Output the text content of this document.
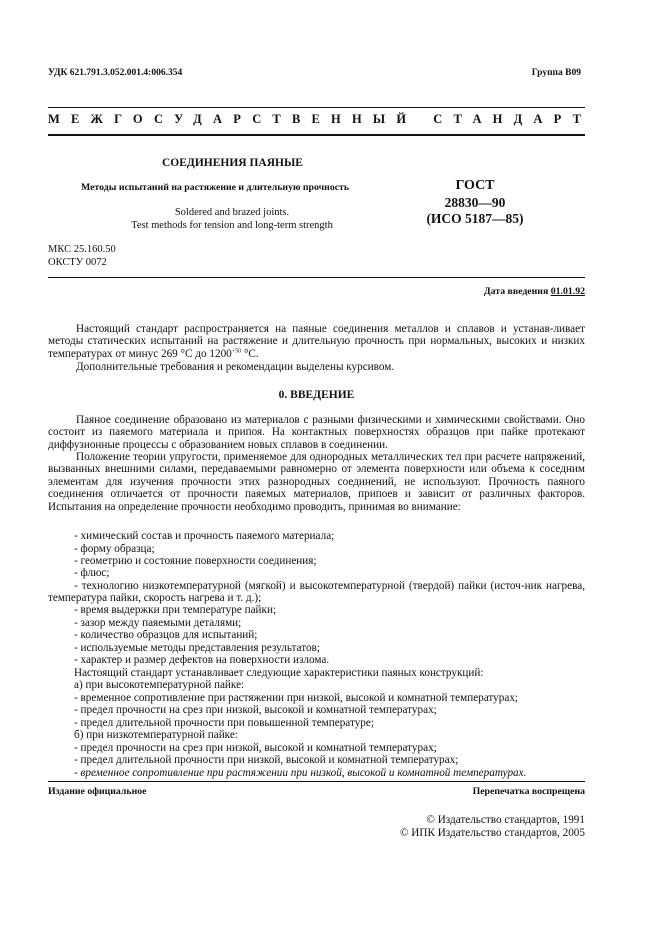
УДК 621.791.3.052.001.4:006.354	Группа В09
МЕЖГОСУДАРСТВЕННЫЙ СТАНДАРТ
СОЕДИНЕНИЯ ПАЯНЫЕ
Методы испытаний на растяжение и длительную прочность
Soldered and brazed joints.
Test methods for tension and long-term strength
ГОСТ
28830—90
(ИСО 5187—85)
МКС 25.160.50
ОКСТУ 0072
Дата введения 01.01.92
Настоящий стандарт распространяется на паяные соединения металлов и сплавов и устанав-ливает методы статических испытаний на растяжение и длительную прочность при нормальных, высоких и низких температурах от минус 269 °С до $1200^{+50}$ °С.
Дополнительные требования и рекомендации выделены курсивом.
0. ВВЕДЕНИЕ
Паяное соединение образовано из материалов с разными физическими и химическими свойствами. Оно состоит из паяемого материала и припоя. На контактных поверхностях образцов при пайке протекают диффузионные процессы с образованием новых сплавов в соединении.
Положение теории упругости, применяемое для однородных металлических тел при расчете напряжений, вызванных внешними силами, передаваемыми равномерно от элемента поверхности или объема к соседним элементам для изучения прочности этих разнородных соединений, не используют. Прочность паяного соединения отличается от прочности паяемых материалов, припоев и зависит от различных факторов. Испытания на определение прочности необходимо проводить, принимая во внимание:
- химический состав и прочность паяемого материала;
- форму образца;
- геометрию и состояние поверхности соединения;
- флюс;
- технологию низкотемпературной (мягкой) и высокотемпературной (твердой) пайки (источ-ник нагрева, температура пайки, скорость нагрева и т. д.);
- время выдержки при температуре пайки;
- зазор между паяемыми деталями;
- количество образцов для испытаний;
- используемые методы представления результатов;
- характер и размер дефектов на поверхности излома.
Настоящий стандарт устанавливает следующие характеристики паяных конструкций:
а) при высокотемпературной пайке:
- временное сопротивление при растяжении при низкой, высокой и комнатной температурах;
- предел прочности на срез при низкой, высокой и комнатной температурах;
- предел длительной прочности при повышенной температуре;
б) при низкотемпературной пайке:
- предел прочности на срез при низкой, высокой и комнатной температурах;
- предел длительной прочности при низкой, высокой и комнатной температурах;
- временное сопротивление при растяжении при низкой, высокой и комнатной температурах.
Издание официальное	Перепечатка воспрещена
© Издательство стандартов, 1991
© ИПК Издательство стандартов, 2005
